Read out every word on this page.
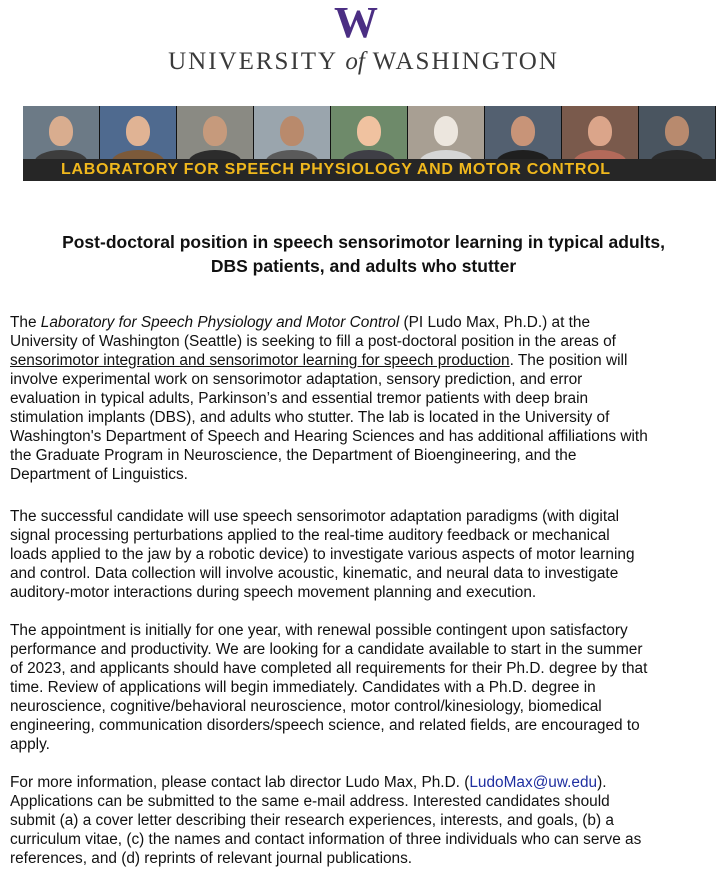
W
UNIVERSITY of WASHINGTON
LABORATORY FOR SPEECH PHYSIOLOGY AND MOTOR CONTROL
Post-doctoral position in speech sensorimotor learning in typical adults,
DBS patients, and adults who stutter
The Laboratory for Speech Physiology and Motor Control (PI Ludo Max, Ph.D.) at the
University of Washington (Seattle) is seeking to fill a post-doctoral position in the areas of
sensorimotor integration and sensorimotor learning for speech production. The position will
involve experimental work on sensorimotor adaptation, sensory prediction, and error
evaluation in typical adults, Parkinson’s and essential tremor patients with deep brain
stimulation implants (DBS), and adults who stutter. The lab is located in the University of
Washington's Department of Speech and Hearing Sciences and has additional affiliations with
the Graduate Program in Neuroscience, the Department of Bioengineering, and the
Department of Linguistics.
The successful candidate will use speech sensorimotor adaptation paradigms (with digital
signal processing perturbations applied to the real-time auditory feedback or mechanical
loads applied to the jaw by a robotic device) to investigate various aspects of motor learning
and control. Data collection will involve acoustic, kinematic, and neural data to investigate
auditory-motor interactions during speech movement planning and execution.
The appointment is initially for one year, with renewal possible contingent upon satisfactory
performance and productivity. We are looking for a candidate available to start in the summer
of 2023, and applicants should have completed all requirements for their Ph.D. degree by that
time. Review of applications will begin immediately. Candidates with a Ph.D. degree in
neuroscience, cognitive/behavioral neuroscience, motor control/kinesiology, biomedical
engineering, communication disorders/speech science, and related fields, are encouraged to
apply.
For more information, please contact lab director Ludo Max, Ph.D. (LudoMax@uw.edu).
Applications can be submitted to the same e-mail address. Interested candidates should
submit (a) a cover letter describing their research experiences, interests, and goals, (b) a
curriculum vitae, (c) the names and contact information of three individuals who can serve as
references, and (d) reprints of relevant journal publications.
